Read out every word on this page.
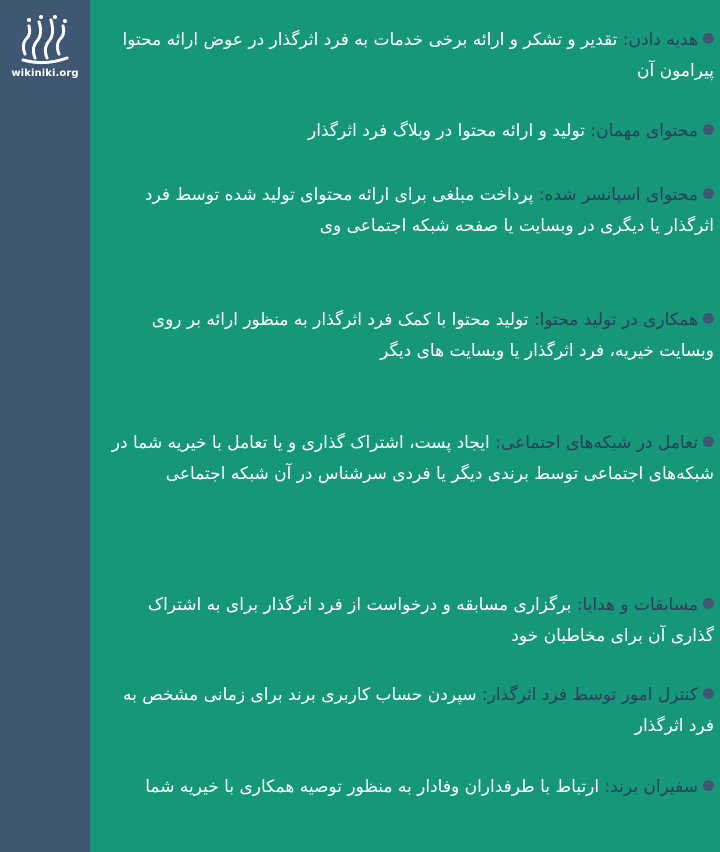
wikiniki.org
هدیه دادن: تقدیر و تشکر و ارائه برخی خدمات به فرد اثرگذار در عوض ارائه محتوا پیرامون آن
محتوای مهمان: تولید و ارائه محتوا در وبلاگ فرد اثرگذار
محتوای اسپانسر شده: پرداخت مبلغی برای ارائه محتوای تولید شده توسط فرد اثرگذار یا دیگری در وبسایت یا صفحه شبکه اجتماعی وی
همکاری در تولید محتوا: تولید محتوا با کمک فرد اثرگذار به منظور ارائه بر روی وبسایت خیریه، فرد اثرگذار یا وبسایت های دیگر
تعامل در شبکه‌های اجتماعی: ایجاد پست، اشتراک گذاری و یا تعامل با خیریه شما در شبکه‌های اجتماعی توسط برندی دیگر یا فردی سرشناس در آن شبکه اجتماعی
مسابقات و هدایا: برگزاری مسابقه و درخواست از فرد اثرگذار برای به اشتراک گذاری آن برای مخاطبان خود
کنترل امور توسط فرد اثرگذار: سپردن حساب کاربری برند برای زمانی مشخص به فرد اثرگذار
سفیران برند: ارتباط با طرفداران وفادار به منظور توصیه همکاری با خیریه شما
